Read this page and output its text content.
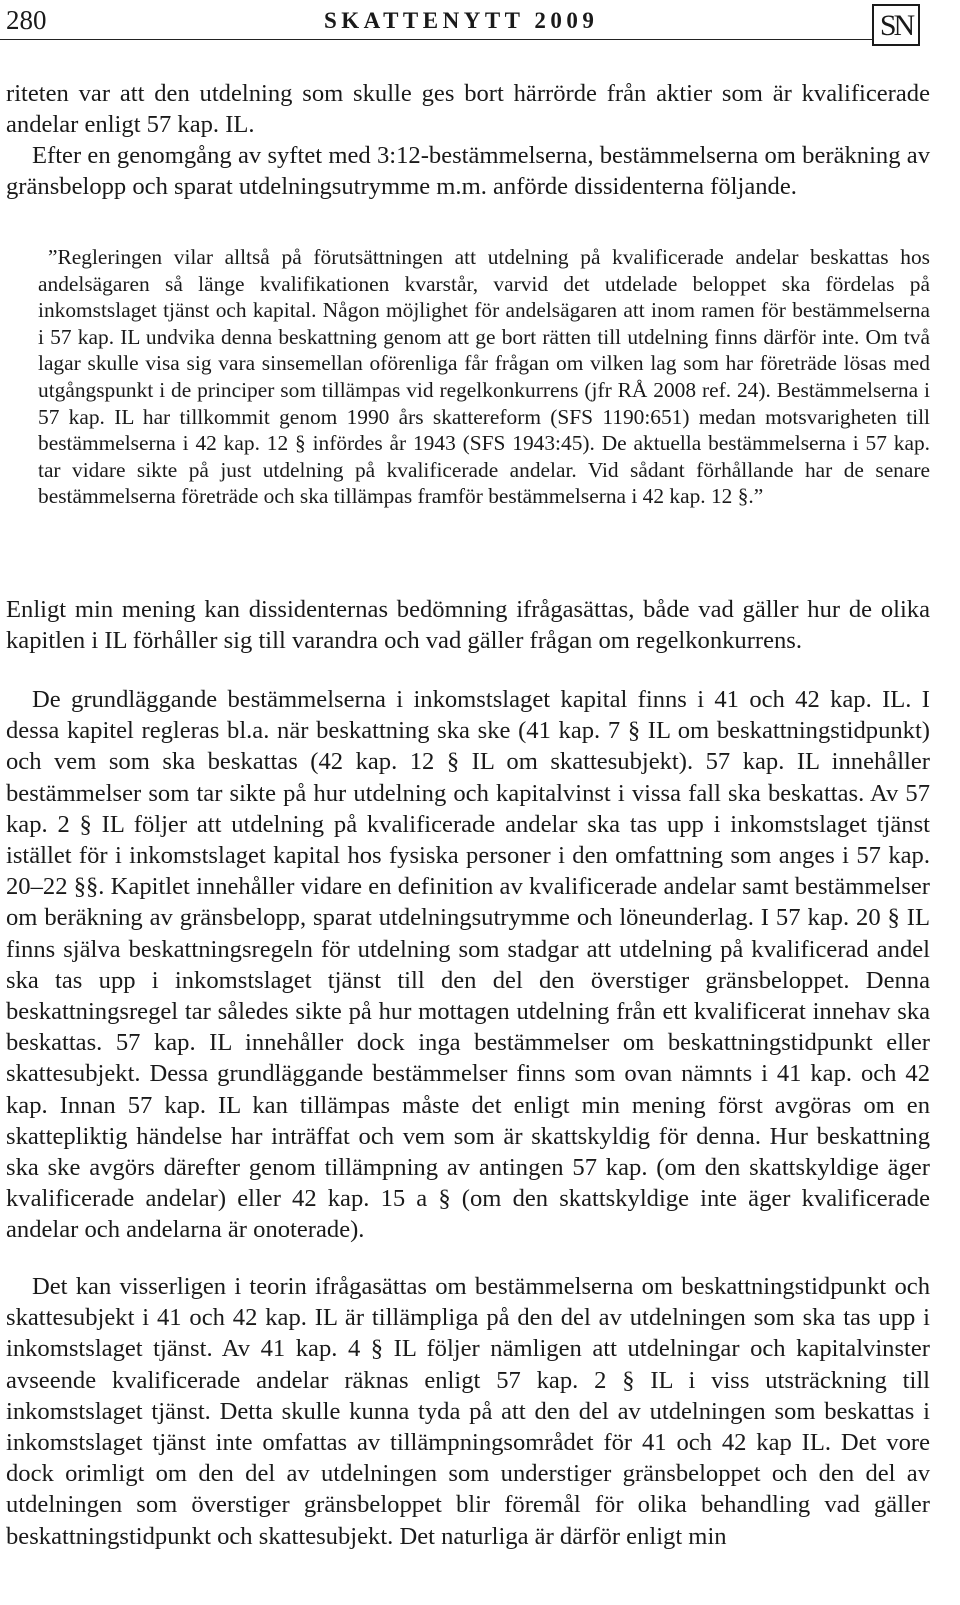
280	SKATTENYTT 2009	SN

riteten var att den utdelning som skulle ges bort härrörde från aktier som är kvalificerade andelar enligt 57 kap. IL.

Efter en genomgång av syftet med 3:12-bestämmelserna, bestämmelserna om beräkning av gränsbelopp och sparat utdelningsutrymme m.m. anförde dissidenterna följande.

”Regleringen vilar alltså på förutsättningen att utdelning på kvalificerade andelar beskattas hos andelsägaren så länge kvalifikationen kvarstår, varvid det utdelade beloppet ska fördelas på inkomstslaget tjänst och kapital. Någon möjlighet för andelsägaren att inom ramen för bestämmelserna i 57 kap. IL undvika denna beskattning genom att ge bort rätten till utdelning finns därför inte. Om två lagar skulle visa sig vara sinsemellan oförenliga får frågan om vilken lag som har företräde lösas med utgångspunkt i de principer som tillämpas vid regelkonkurrens (jfr RÅ 2008 ref. 24). Bestämmelserna i 57 kap. IL har tillkommit genom 1990 års skattereform (SFS 1190:651) medan motsvarigheten till bestämmelserna i 42 kap. 12 § infördes år 1943 (SFS 1943:45). De aktuella bestämmelserna i 57 kap. tar vidare sikte på just utdelning på kvalificerade andelar. Vid sådant förhållande har de senare bestämmelserna företräde och ska tillämpas framför bestämmelserna i 42 kap. 12 §.”

Enligt min mening kan dissidenternas bedömning ifrågasättas, både vad gäller hur de olika kapitlen i IL förhåller sig till varandra och vad gäller frågan om regelkonkurrens.

De grundläggande bestämmelserna i inkomstslaget kapital finns i 41 och 42 kap. IL. I dessa kapitel regleras bl.a. när beskattning ska ske (41 kap. 7 § IL om beskattningstidpunkt) och vem som ska beskattas (42 kap. 12 § IL om skattesubjekt). 57 kap. IL innehåller bestämmelser som tar sikte på hur utdelning och kapitalvinst i vissa fall ska beskattas. Av 57 kap. 2 § IL följer att utdelning på kvalificerade andelar ska tas upp i inkomstslaget tjänst istället för i inkomstslaget kapital hos fysiska personer i den omfattning som anges i 57 kap. 20–22 §§. Kapitlet innehåller vidare en definition av kvalificerade andelar samt bestämmelser om beräkning av gränsbelopp, sparat utdelningsutrymme och löneunderlag. I 57 kap. 20 § IL finns själva beskattningsregeln för utdelning som stadgar att utdelning på kvalificerad andel ska tas upp i inkomstslaget tjänst till den del den överstiger gränsbeloppet. Denna beskattningsregel tar således sikte på hur mottagen utdelning från ett kvalificerat innehav ska beskattas. 57 kap. IL innehåller dock inga bestämmelser om beskattningstidpunkt eller skattesubjekt. Dessa grundläggande bestämmelser finns som ovan nämnts i 41 kap. och 42 kap. Innan 57 kap. IL kan tillämpas måste det enligt min mening först avgöras om en skattepliktig händelse har inträffat och vem som är skattskyldig för denna. Hur beskattning ska ske avgörs därefter genom tillämpning av antingen 57 kap. (om den skattskyldige äger kvalificerade andelar) eller 42 kap. 15 a § (om den skattskyldige inte äger kvalificerade andelar och andelarna är onoterade).

Det kan visserligen i teorin ifrågasättas om bestämmelserna om beskattningstidpunkt och skattesubjekt i 41 och 42 kap. IL är tillämpliga på den del av utdelningen som ska tas upp i inkomstslaget tjänst. Av 41 kap. 4 § IL följer nämligen att utdelningar och kapitalvinster avseende kvalificerade andelar räknas enligt 57 kap. 2 § IL i viss utsträckning till inkomstslaget tjänst. Detta skulle kunna tyda på att den del av utdelningen som beskattas i inkomstslaget tjänst inte omfattas av tillämpningsområdet för 41 och 42 kap IL. Det vore dock orimligt om den del av utdelningen som understiger gränsbeloppet och den del av utdelningen som överstiger gränsbeloppet blir föremål för olika behandling vad gäller beskattningstidpunkt och skattesubjekt. Det naturliga är därför enligt min
